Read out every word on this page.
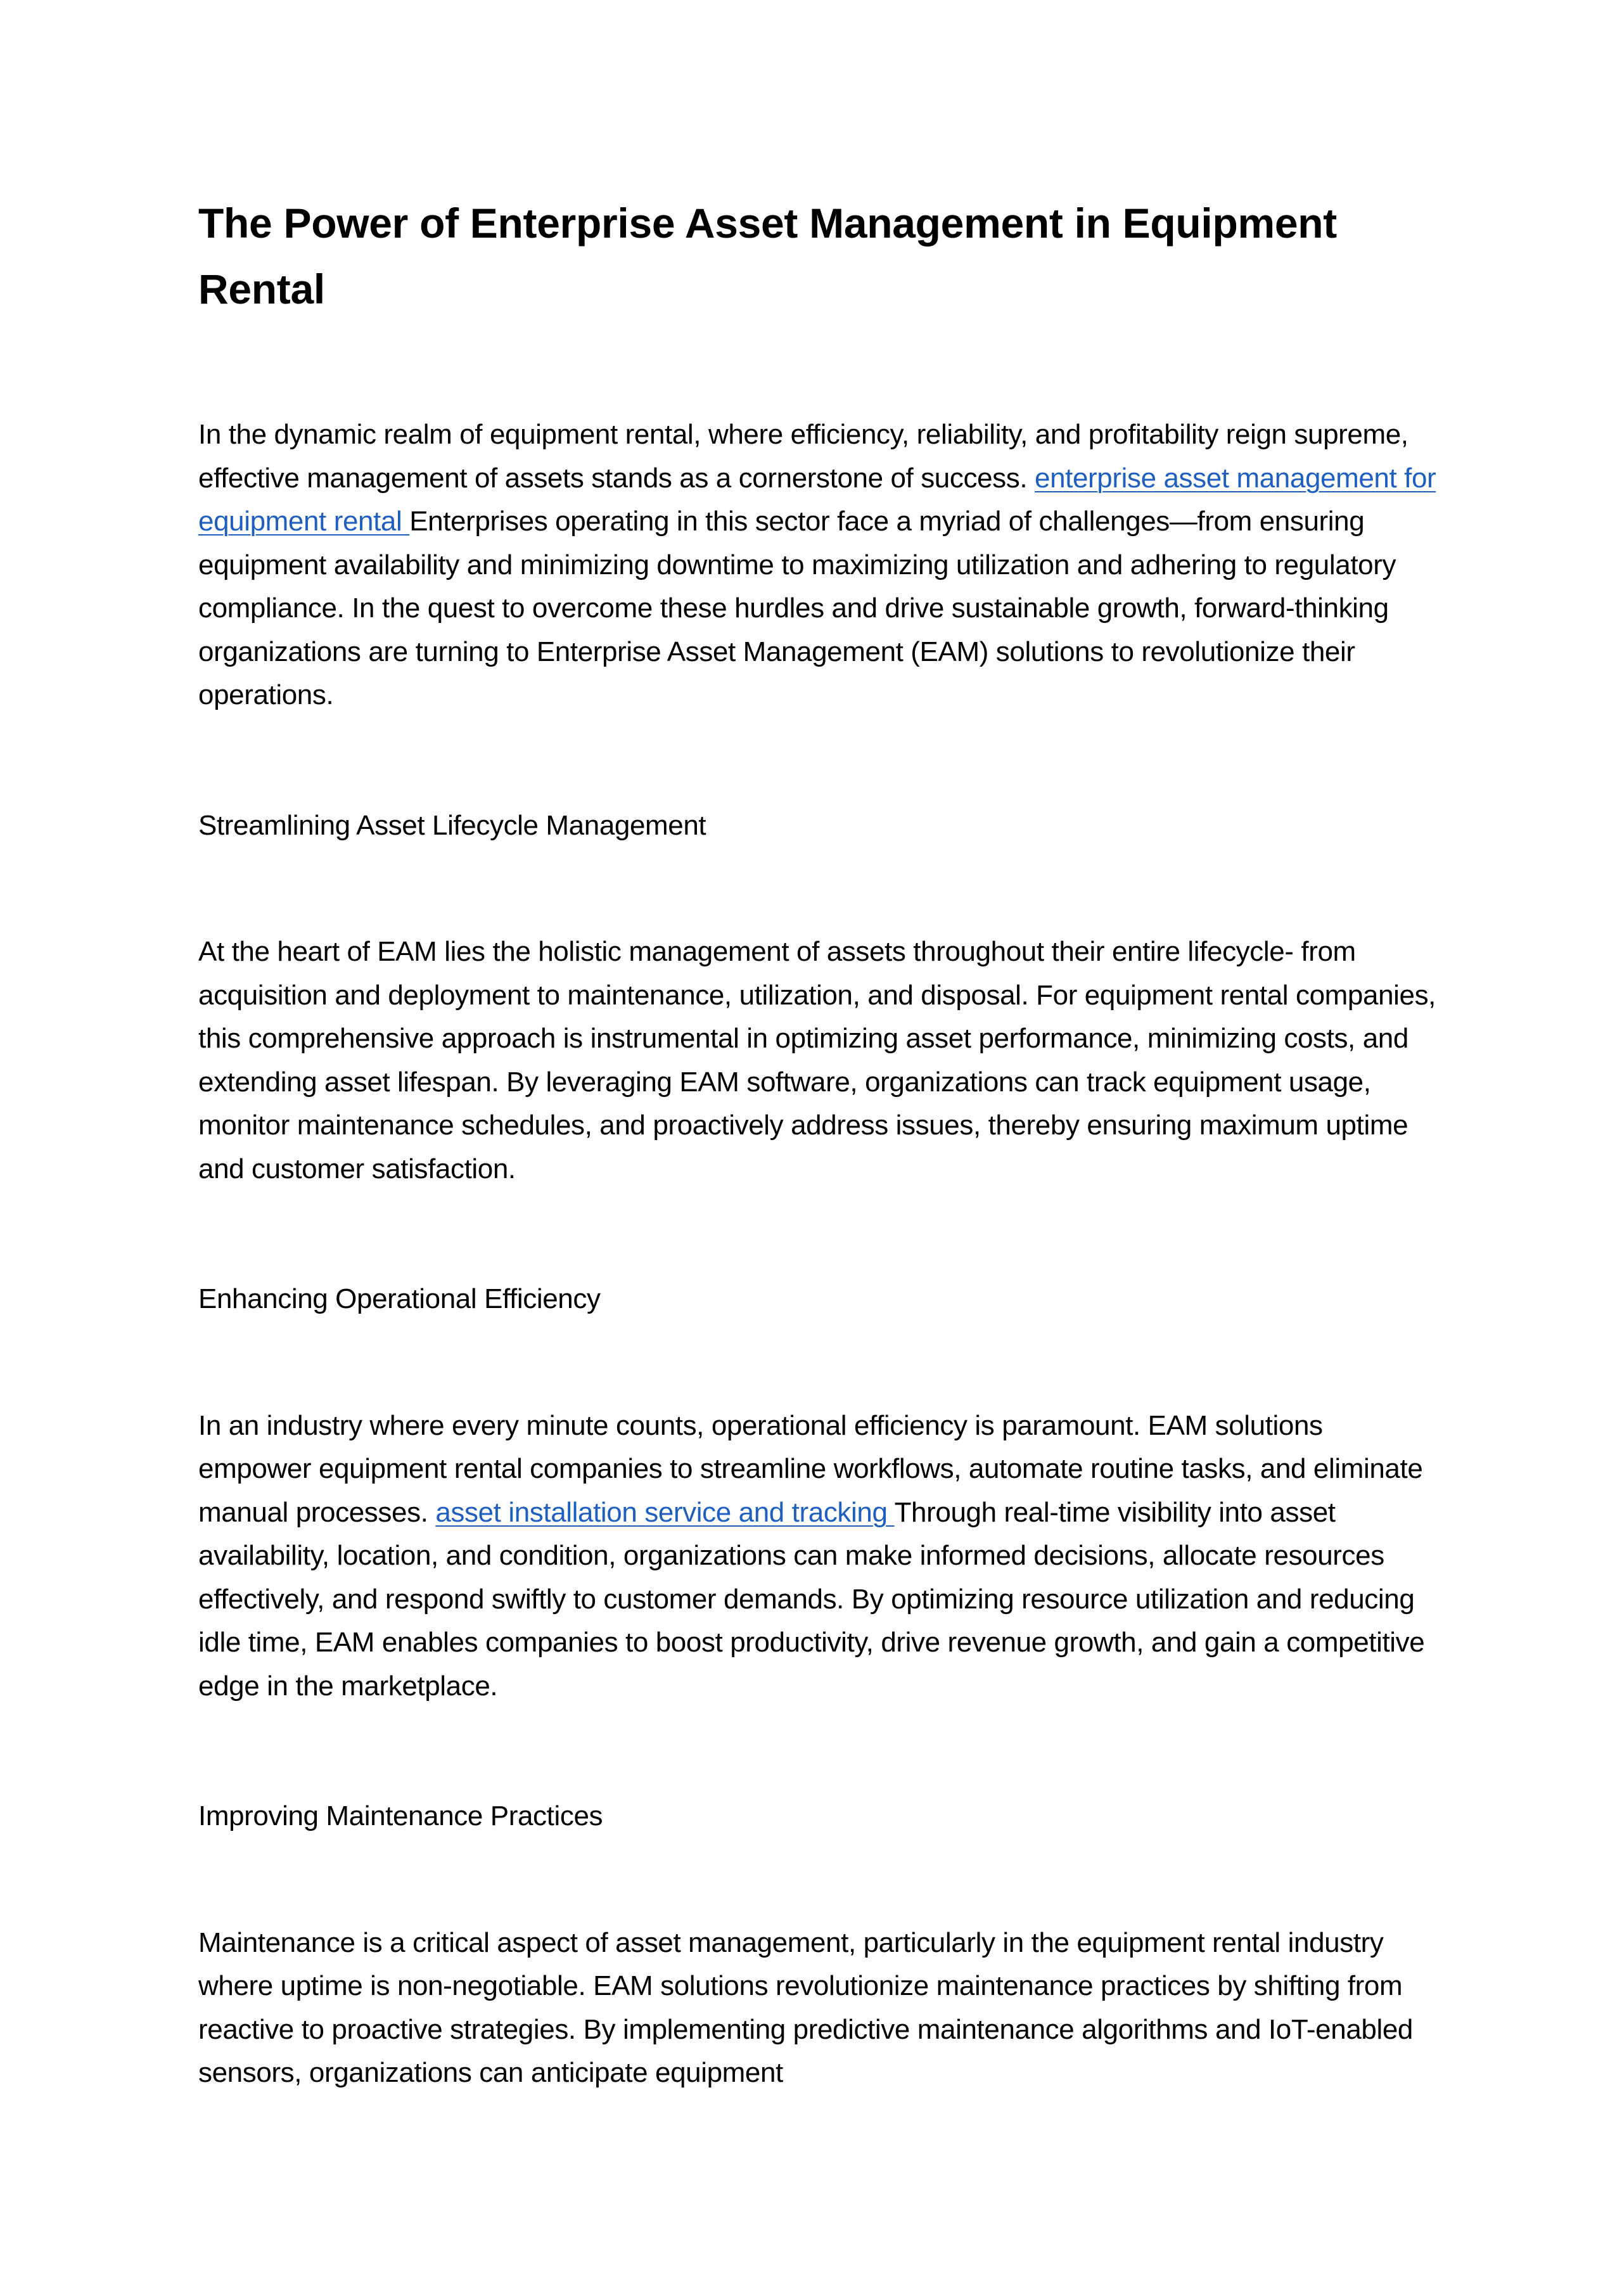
The Power of Enterprise Asset Management in Equipment Rental

In the dynamic realm of equipment rental, where efficiency, reliability, and profitability reign supreme, effective management of assets stands as a cornerstone of success. enterprise asset management for equipment rental Enterprises operating in this sector face a myriad of challenges—from ensuring equipment availability and minimizing downtime to maximizing utilization and adhering to regulatory compliance. In the quest to overcome these hurdles and drive sustainable growth, forward-thinking organizations are turning to Enterprise Asset Management (EAM) solutions to revolutionize their operations.

Streamlining Asset Lifecycle Management

At the heart of EAM lies the holistic management of assets throughout their entire lifecycle- from acquisition and deployment to maintenance, utilization, and disposal. For equipment rental companies, this comprehensive approach is instrumental in optimizing asset performance, minimizing costs, and extending asset lifespan. By leveraging EAM software, organizations can track equipment usage, monitor maintenance schedules, and proactively address issues, thereby ensuring maximum uptime and customer satisfaction.

Enhancing Operational Efficiency

In an industry where every minute counts, operational efficiency is paramount. EAM solutions empower equipment rental companies to streamline workflows, automate routine tasks, and eliminate manual processes. asset installation service and tracking Through real-time visibility into asset availability, location, and condition, organizations can make informed decisions, allocate resources effectively, and respond swiftly to customer demands. By optimizing resource utilization and reducing idle time, EAM enables companies to boost productivity, drive revenue growth, and gain a competitive edge in the marketplace.

Improving Maintenance Practices

Maintenance is a critical aspect of asset management, particularly in the equipment rental industry where uptime is non-negotiable. EAM solutions revolutionize maintenance practices by shifting from reactive to proactive strategies. By implementing predictive maintenance algorithms and IoT-enabled sensors, organizations can anticipate equipment
